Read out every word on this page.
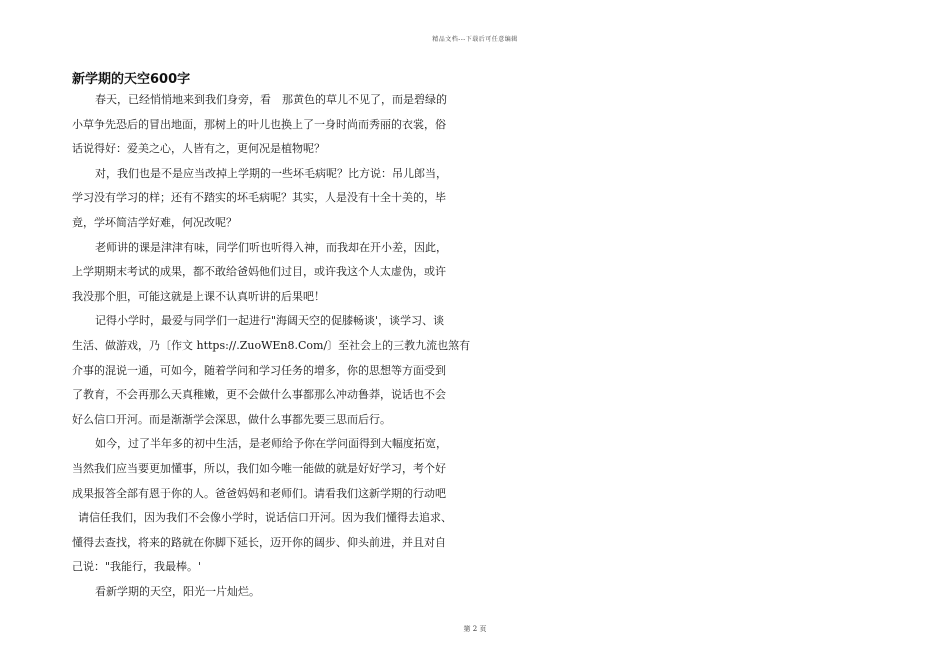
精品文档---下载后可任意编辑
新学期的天空600字
春天，已经悄悄地来到我们身旁，看　那黄色的草儿不见了，而是碧绿的
小草争先恐后的冒出地面，那树上的叶儿也换上了一身时尚而秀丽的衣裳，俗
话说得好：爱美之心，人皆有之，更何况是植物呢？
对，我们也是不是应当改掉上学期的一些坏毛病呢？比方说：吊儿郎当，
学习没有学习的样；还有不踏实的坏毛病呢？其实，人是没有十全十美的，毕
竟，学坏简洁学好难，何况改呢？
老师讲的课是津津有味，同学们听也听得入神，而我却在开小差，因此，
上学期期末考试的成果，都不敢给爸妈他们过目，或许我这个人太虚伪，或许
我没那个胆，可能这就是上课不认真听讲的后果吧！
记得小学时，最爱与同学们一起进行"海阔天空的促膝畅谈'，谈学习、谈
生活、做游戏，乃〔作文 https://.ZuoWEn8.Com/〕至社会上的三教九流也煞有
介事的混说一通，可如今，随着学问和学习任务的增多，你的思想等方面受到
了教育，不会再那么天真稚嫩，更不会做什么事都那么冲动鲁莽，说话也不会
好么信口开河。而是渐渐学会深思，做什么事都先要三思而后行。
如今，过了半年多的初中生活，是老师给予你在学问面得到大幅度拓宽，
当然我们应当要更加懂事，所以，我们如今唯一能做的就是好好学习，考个好
成果报答全部有恩于你的人。爸爸妈妈和老师们。请看我们这新学期的行动吧
请信任我们，因为我们不会像小学时，说话信口开河。因为我们懂得去追求、
懂得去查找，将来的路就在你脚下延长，迈开你的阔步、仰头前进，并且对自
己说："我能行，我最棒。'
看新学期的天空，阳光一片灿烂。
第 2 页
